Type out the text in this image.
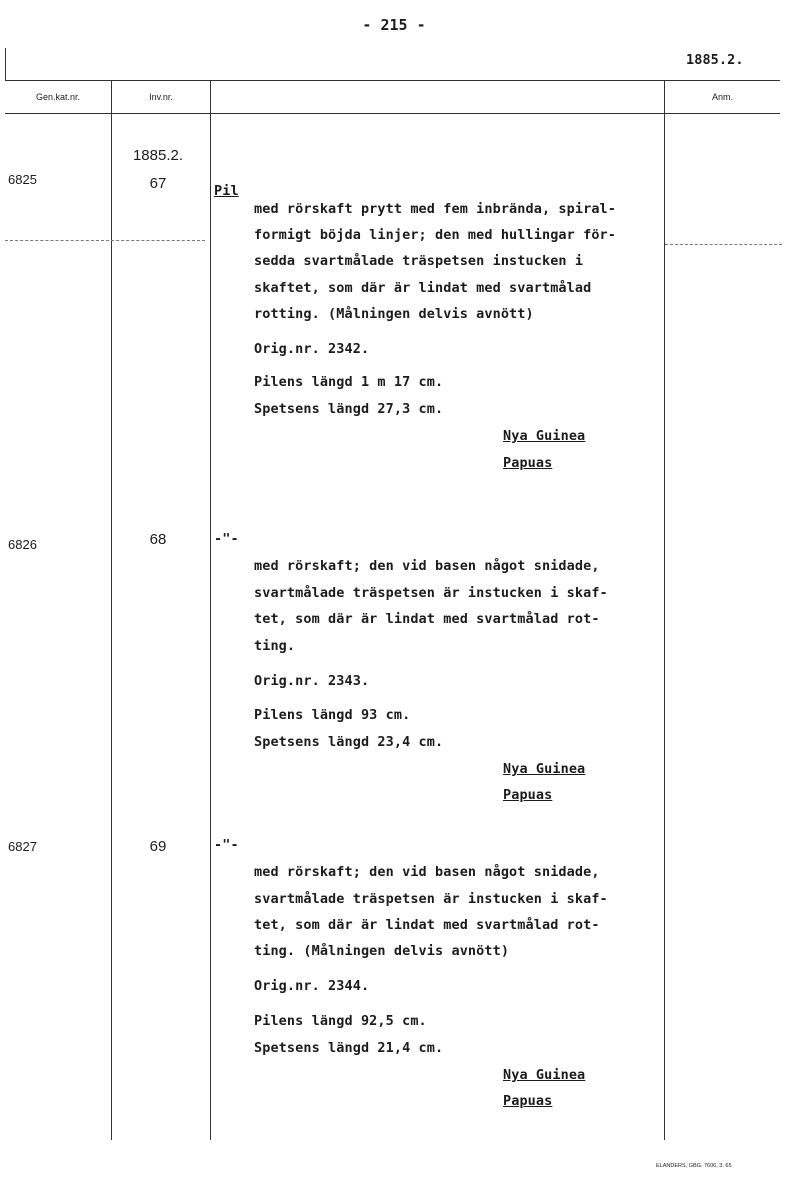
- 215 -
1885.2.
Gen.kat.nr.	Inv.nr.	Anm.
1885.2.
6825	67	Pil
med rörskaft prytt med fem inbrända, spiral-
formigt böjda linjer; den med hullingar för-
sedda svartmålade träspetsen instucken i
skaftet, som där är lindat med svartmålad
rotting. (Målningen delvis avnött)
Orig.nr. 2342.
Pilens längd 1 m 17 cm.
Spetsens längd 27,3 cm.
Nya Guinea
Papuas
6826	68	-"-
med rörskaft; den vid basen något snidade,
svartmålade träspetsen är instucken i skaf-
tet, som där är lindat med svartmålad rot-
ting.
Orig.nr. 2343.
Pilens längd 93 cm.
Spetsens längd 23,4 cm.
Nya Guinea
Papuas
6827	69	-"-
med rörskaft; den vid basen något snidade,
svartmålade träspetsen är instucken i skaf-
tet, som där är lindat med svartmålad rot-
ting. (Målningen delvis avnött)
Orig.nr. 2344.
Pilens längd 92,5 cm.
Spetsens längd 21,4 cm.
Nya Guinea
Papuas
ELANDERS, GBG. 7606, 3. 65
